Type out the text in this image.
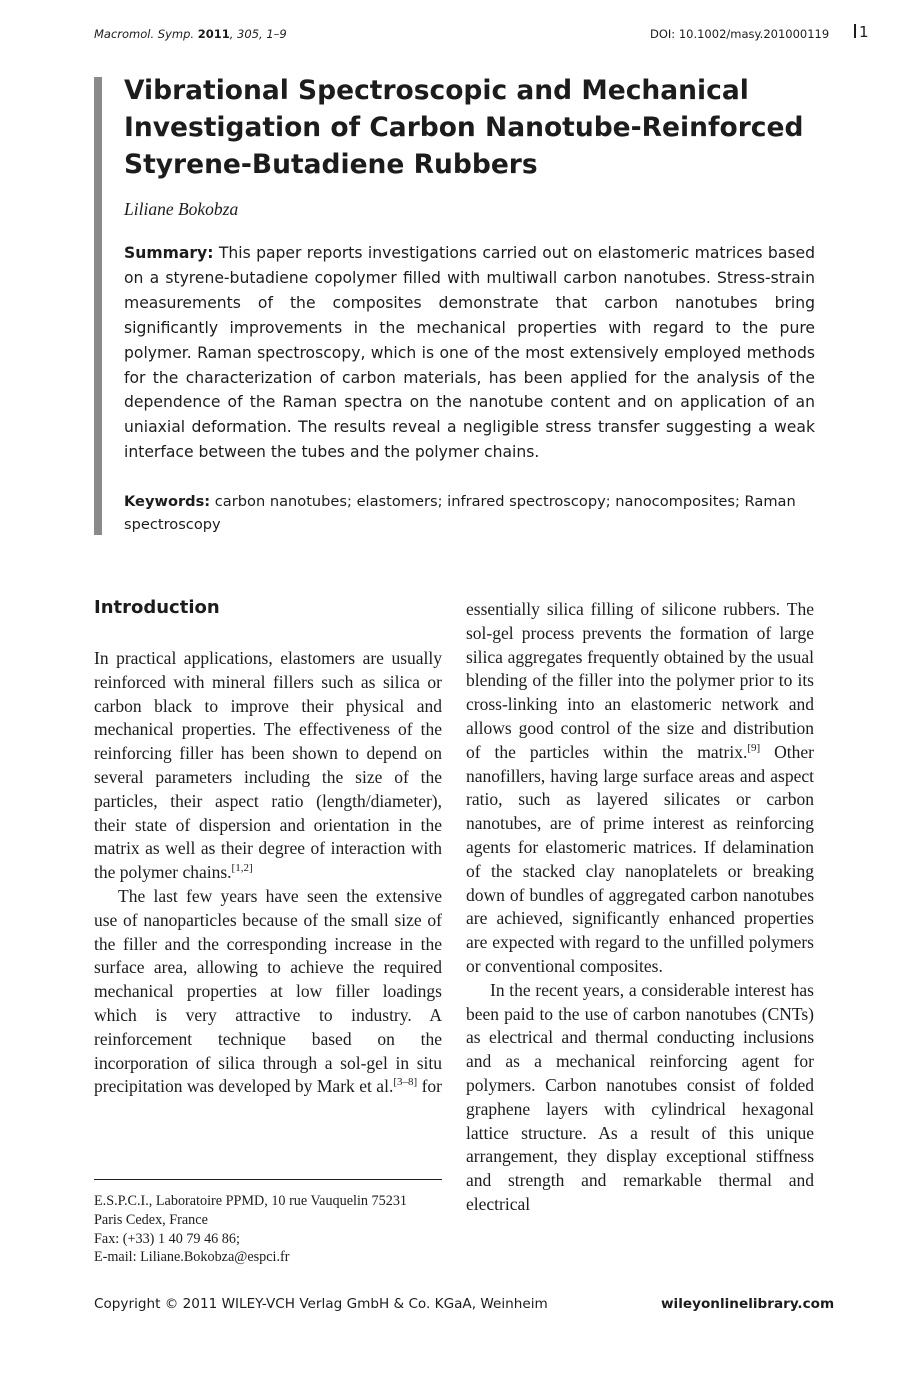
Macromol. Symp. 2011, 305, 1–9	DOI: 10.1002/masy.201000119	1
Vibrational Spectroscopic and Mechanical Investigation of Carbon Nanotube-Reinforced Styrene-Butadiene Rubbers
Liliane Bokobza

Summary: This paper reports investigations carried out on elastomeric matrices based on a styrene-butadiene copolymer filled with multiwall carbon nanotubes. Stress-strain measurements of the composites demonstrate that carbon nanotubes bring significantly improvements in the mechanical properties with regard to the pure polymer. Raman spectroscopy, which is one of the most extensively employed methods for the characterization of carbon materials, has been applied for the analysis of the dependence of the Raman spectra on the nanotube content and on application of an uniaxial deformation. The results reveal a negligible stress transfer suggesting a weak interface between the tubes and the polymer chains.

Keywords: carbon nanotubes; elastomers; infrared spectroscopy; nanocomposites; Raman spectroscopy

Introduction

In practical applications, elastomers are usually reinforced with mineral fillers such as silica or carbon black to improve their physical and mechanical properties. The effectiveness of the reinforcing filler has been shown to depend on several parameters including the size of the particles, their aspect ratio (length/diameter), their state of dispersion and orientation in the matrix as well as their degree of interaction with the polymer chains.[1,2]

The last few years have seen the extensive use of nanoparticles because of the small size of the filler and the corresponding increase in the surface area, allowing to achieve the required mechanical properties at low filler loadings which is very attractive to industry. A reinforcement technique based on the incorporation of silica through a sol-gel in situ precipitation was developed by Mark et al.[3–8] for

essentially silica filling of silicone rubbers. The sol-gel process prevents the formation of large silica aggregates frequently obtained by the usual blending of the filler into the polymer prior to its cross-linking into an elastomeric network and allows good control of the size and distribution of the particles within the matrix.[9] Other nanofillers, having large surface areas and aspect ratio, such as layered silicates or carbon nanotubes, are of prime interest as reinforcing agents for elastomeric matrices. If delamination of the stacked clay nanoplatelets or breaking down of bundles of aggregated carbon nanotubes are achieved, significantly enhanced properties are expected with regard to the unfilled polymers or conventional composites.

In the recent years, a considerable interest has been paid to the use of carbon nanotubes (CNTs) as electrical and thermal conducting inclusions and as a mechanical reinforcing agent for polymers. Carbon nanotubes consist of folded graphene layers with cylindrical hexagonal lattice structure. As a result of this unique arrangement, they display exceptional stiffness and strength and remarkable thermal and electrical

E.S.P.C.I., Laboratoire PPMD, 10 rue Vauquelin 75231
Paris Cedex, France
Fax: (+33) 1 40 79 46 86;
E-mail: Liliane.Bokobza@espci.fr
Copyright © 2011 WILEY-VCH Verlag GmbH & Co. KGaA, Weinheim	wileyonlinelibrary.com
